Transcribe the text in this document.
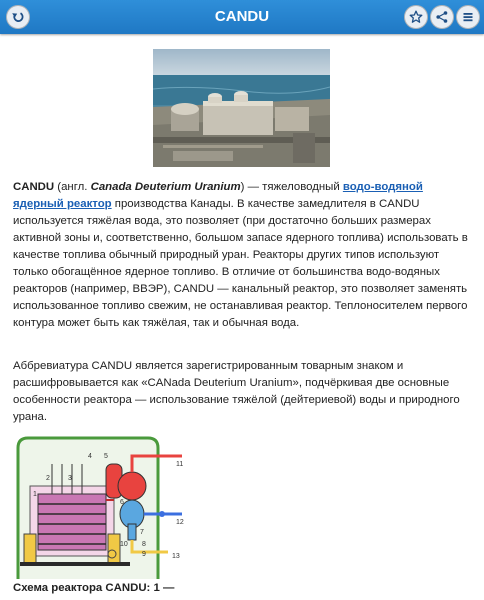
CANDU

CANDU (англ. Canada Deuterium Uranium) — тяжеловодный водо-водяной ядерный реактор производства Канады. В качестве замедлителя в CANDU используется тяжёлая вода, это позволяет (при достаточно больших размерах активной зоны и, соответственно, большом запасе ядерного топлива) использовать в качестве топлива обычный природный уран. Реакторы других типов используют только обогащённое ядерное топливо. В отличие от большинства водо-водяных реакторов (например, ВВЭР), CANDU — канальный реактор, это позволяет заменять использованное топливо свежим, не останавливая реактор. Теплоносителем первого контура может быть как тяжёлая, так и обычная вода.

Аббревиатура CANDU является зарегистрированным товарным знаком и расшифровывается как «CANada Deuterium Uranium», подчёркивая две основные особенности реактора — использование тяжёлой (дейтериевой) воды и природного урана.

1
2	3
4 5
6
7
8
9
10
11
12
13

Схема реактора CANDU: 1 —
